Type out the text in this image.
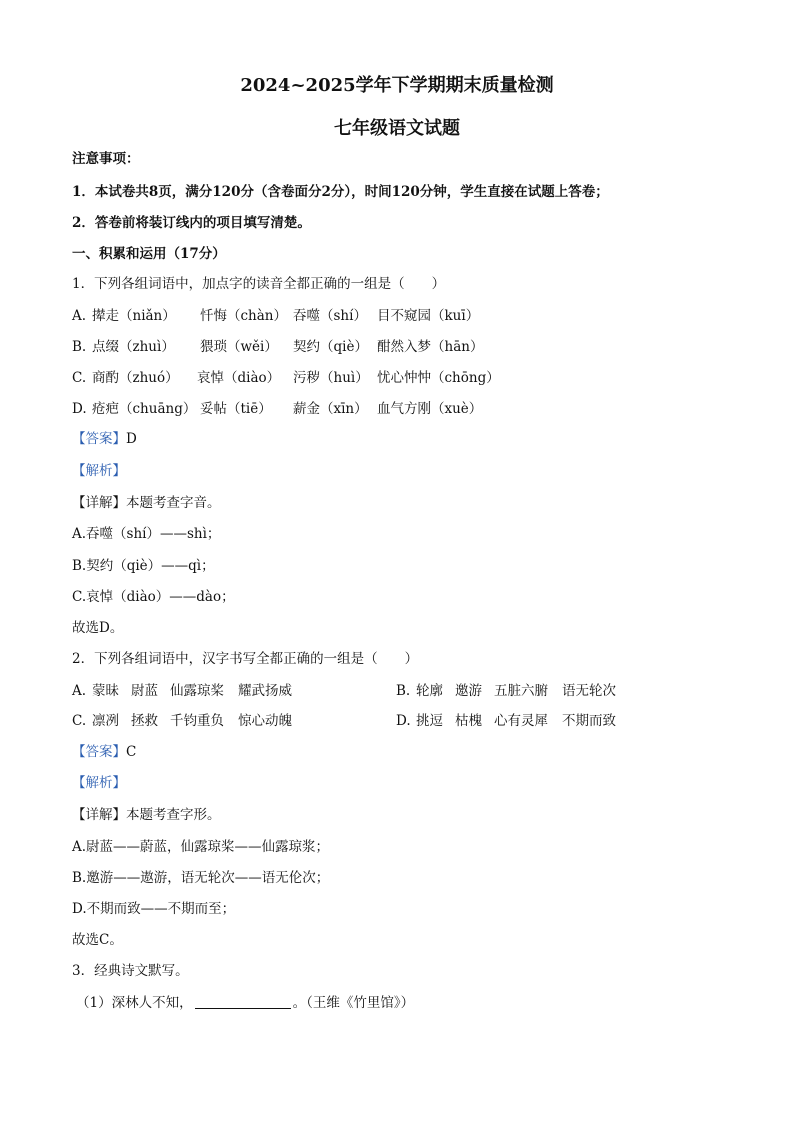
2024~2025学年下学期期末质量检测
七年级语文试题
注意事项：
1．本试卷共8页，满分120分（含卷面分2分），时间120分钟，学生直接在试题上答卷；
2．答卷前将装订线内的项目填写清楚。
一、积累和运用（17分）
1．下列各组词语中，加点字的读音全都正确的一组是（　　）
A. 撵走（niǎn） 忏悔（chàn） 吞噬（shí） 目不窥园（kuī）
B. 点缀（zhuì） 猥琐（wěi） 契约（qiè） 酣然入梦（hān）
C. 商酌（zhuó） 哀悼（diào） 污秽（huì） 忧心忡忡（chōng）
D. 疮疤（chuāng） 妥帖（tiē） 薪金（xīn） 血气方刚（xuè）
【答案】D
【解析】
【详解】本题考查字音。
A.吞噬（shí）——shì；
B.契约（qiè）——qì；
C.哀悼（diào）——dào；
故选D。
2．下列各组词语中，汉字书写全都正确的一组是（　　）
A. 蒙昧 尉蓝 仙露琼桨 耀武扬威	B. 轮廓 邀游 五脏六腑 语无轮次
C. 凛冽 拯救 千钧重负 惊心动魄	D. 挑逗 枯槐 心有灵犀 不期而致
【答案】C
【解析】
【详解】本题考查字形。
A.尉蓝——蔚蓝，仙露琼桨——仙露琼浆；
B.邀游——遨游，语无轮次——语无伦次；
D.不期而致——不期而至；
故选C。
3．经典诗文默写。
（1）深林人不知，	。（王维《竹里馆》）
